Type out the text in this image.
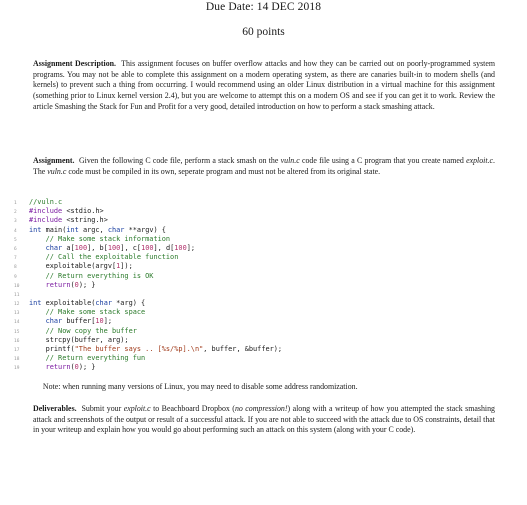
Due Date: 14 DEC 2018
60 points

Assignment Description. This assignment focuses on buffer overflow attacks and how they can be carried out on poorly-programmed system programs. You may not be able to complete this assignment on a modern operating system, as there are canaries built-in to modern shells (and kernels) to prevent such a thing from occurring. I would recommend using an older Linux distribution in a virtual machine for this assignment (something prior to Linux kernel version 2.4), but you are welcome to attempt this on a modern OS and see if you can get it to work. Review the article Smashing the Stack for Fun and Profit for a very good, detailed introduction on how to perform a stack smashing attack.

Assignment. Given the following C code file, perform a stack smash on the vuln.c code file using a C program that you create named exploit.c. The vuln.c code must be compiled in its own, seperate program and must not be altered from its original state.

1 //vuln.c
2 #include <stdio.h>
3 #include <string.h>
4 int main(int argc, char **argv) {
5    // Make some stack information
6    char a[100], b[100], c[100], d[100];
7    // Call the exploitable function
8    exploitable(argv[1]);
9    // Return everything is OK
10    return(0); }
11
12 int exploitable(char *arg) {
13    // Make some stack space
14    char buffer[10];
15    // Now copy the buffer
16    strcpy(buffer, arg);
17    printf("The buffer says .. [%s/%p].\n", buffer, &buffer);
18    // Return everything fun
19    return(0); }

Note: when running many versions of Linux, you may need to disable some address randomization.

Deliverables. Submit your exploit.c to Beachboard Dropbox (no compression!) along with a writeup of how you attempted the stack smashing attack and screenshots of the output or result of a successful attack. If you are not able to succeed with the attack due to OS constraints, detail that in your writeup and explain how you would go about performing such an attack on this system (along with your C code).
